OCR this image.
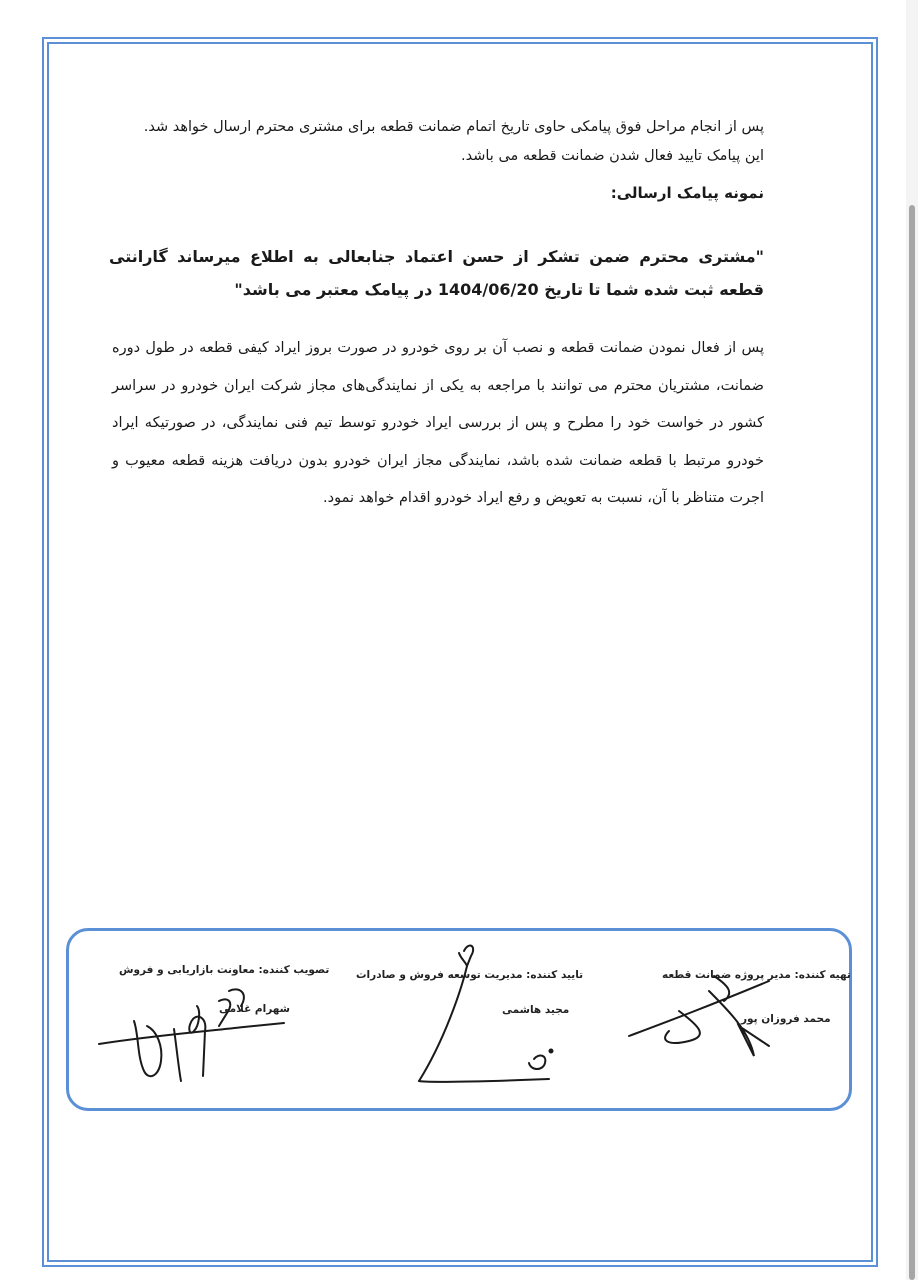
پس از انجام مراحل فوق پیامکی حاوی تاریخ اتمام ضمانت قطعه برای مشتری محترم ارسال خواهد شد.
این پیامک تایید فعال شدن ضمانت قطعه می باشد.
نمونه پیامک ارسالی:
"مشتری محترم ضمن تشکر از حسن اعتماد جنابعالی به اطلاع میرساند گارانتی قطعه ثبت شده شما تا تاریخ 1404/06/20 در پیامک معتبر می باشد"
پس از فعال نمودن ضمانت قطعه و نصب آن بر روی خودرو در صورت بروز ایراد کیفی قطعه در طول دوره ضمانت، مشتریان محترم می توانند با مراجعه به یکی از نمایندگی‌های مجاز شرکت ایران خودرو در سراسر کشور در خواست خود را مطرح و پس از بررسی ایراد خودرو توسط تیم فنی نمایندگی، در صورتیکه ایراد خودرو مرتبط با قطعه ضمانت شده باشد، نمایندگی مجاز ایران خودرو بدون دریافت هزینه قطعه معیوب و اجرت متناظر با آن، نسبت به تعویض و رفع ایراد خودرو اقدام خواهد نمود.
تصویب کننده: معاونت بازاریابی و فروش
شهرام غلامی
تایید کننده: مدیریت توسعه فروش و صادرات
مجید هاشمی
تهیه کننده: مدیر پروژه ضمانت قطعه
محمد فروزان پور
